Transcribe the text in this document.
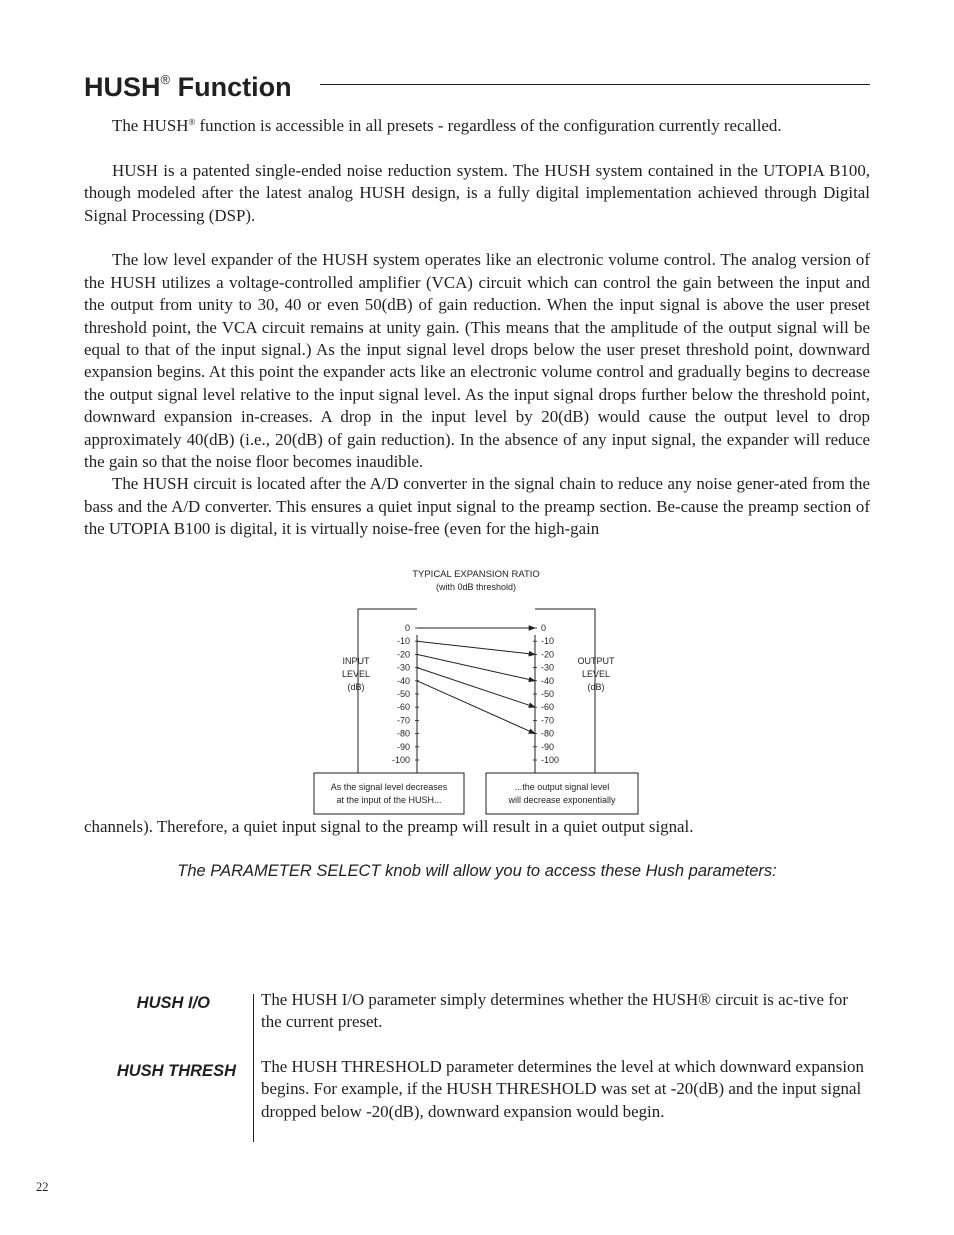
HUSH® Function

The HUSH® function is accessible in all presets - regardless of the configuration currently recalled.

HUSH is a patented single-ended noise reduction system. The HUSH system contained in the UTOPIA B100, though modeled after the latest analog HUSH design, is a fully digital implementation achieved through Digital Signal Processing (DSP).

The low level expander of the HUSH system operates like an electronic volume control. The analog version of the HUSH utilizes a voltage-controlled amplifier (VCA) circuit which can control the gain between the input and the output from unity to 30, 40 or even 50(dB) of gain reduction. When the input signal is above the user preset threshold point, the VCA circuit remains at unity gain. (This means that the amplitude of the output signal will be equal to that of the input signal.) As the input signal level drops below the user preset threshold point, downward expansion begins. At this point the expander acts like an electronic volume control and gradually begins to decrease the output signal level relative to the input signal level. As the input signal drops further below the threshold point, downward expansion in-creases. A drop in the input level by 20(dB) would cause the output level to drop approximately 40(dB) (i.e., 20(dB) of gain reduction). In the absence of any input signal, the expander will reduce the gain so that the noise floor becomes inaudible.

The HUSH circuit is located after the A/D converter in the signal chain to reduce any noise gener-ated from the bass and the A/D converter. This ensures a quiet input signal to the preamp section. Be-cause the preamp section of the UTOPIA B100 is digital, it is virtually noise-free (even for the high-gain

TYPICAL EXPANSION RATIO
(with 0dB threshold)
INPUT
LEVEL
(dB)
OUTPUT
LEVEL
(dB)
0
-10
-20
-30
-40
-50
-60
-70
-80
-90
-100
0
-10
-20
-30
-40
-50
-60
-70
-80
-90
-100
As the signal level decreases
at the input of the HUSH...
...the output signal level
will decrease exponentially

channels). Therefore, a quiet input signal to the preamp will result in a quiet output signal.

The PARAMETER SELECT knob will allow you to access these Hush parameters:
HUSH I/O
HUSH THRESH
The HUSH I/O parameter simply determines whether the HUSH® circuit is ac-tive for the current preset.
The HUSH THRESHOLD parameter determines the level at which downward expansion begins. For example, if the HUSH THRESHOLD was set at -20(dB) and the input signal dropped below -20(dB), downward expansion would begin.
22
